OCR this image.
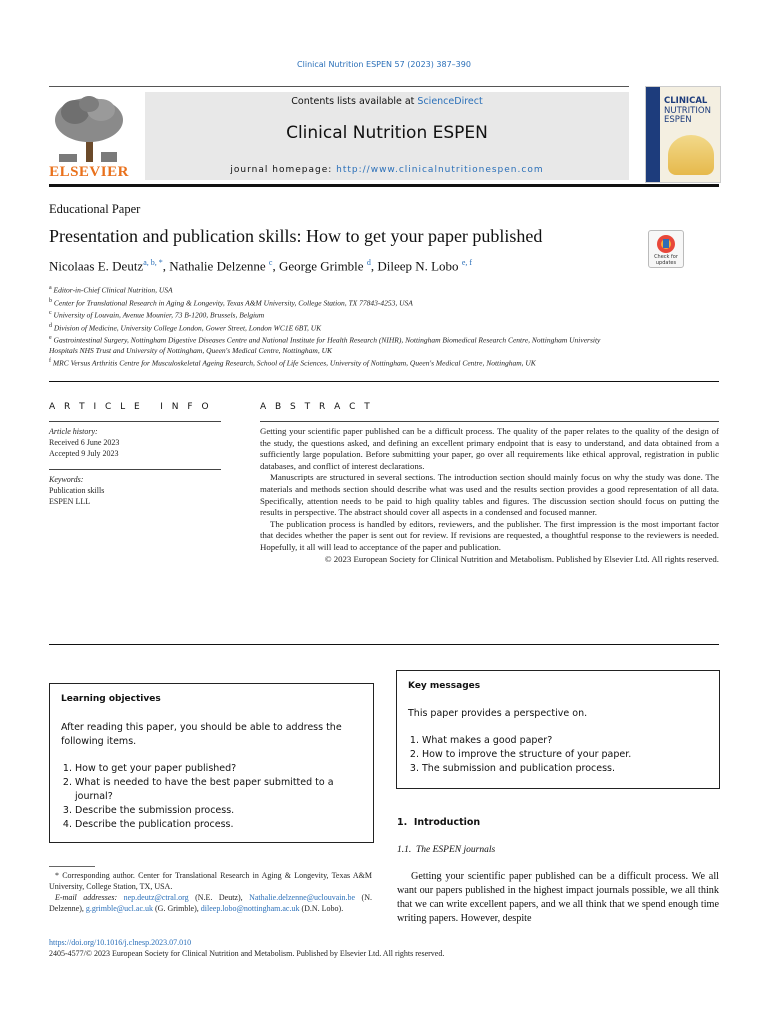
Clinical Nutrition ESPEN 57 (2023) 387–390
ELSEVIER
Contents lists available at ScienceDirect
Clinical Nutrition ESPEN
journal homepage: http://www.clinicalnutritionespen.com
CLINICAL
NUTRITION
ESPEN
Educational Paper
Presentation and publication skills: How to get your paper published
Check for updates
Nicolaas E. Deutz$^{a, b, *}$, Nathalie Delzenne $^c$, George Grimble $^d$, Dileep N. Lobo $^{e, f}$
$^a$ Editor-in-Chief Clinical Nutrition, USA
$^b$ Center for Translational Research in Aging & Longevity, Texas A&M University, College Station, TX 77843-4253, USA
$^c$ University of Louvain, Avenue Mounier, 73 B-1200, Brussels, Belgium
$^d$ Division of Medicine, University College London, Gower Street, London WC1E 6BT, UK
$^e$ Gastrointestinal Surgery, Nottingham Digestive Diseases Centre and National Institute for Health Research (NIHR), Nottingham Biomedical Research Centre, Nottingham University Hospitals NHS Trust and University of Nottingham, Queen's Medical Centre, Nottingham, UK
$^f$ MRC Versus Arthritis Centre for Musculoskeletal Ageing Research, School of Life Sciences, University of Nottingham, Queen's Medical Centre, Nottingham, UK
A R T I C L E   I N F O
Article history:
Received 6 June 2023
Accepted 9 July 2023
Keywords:
Publication skills
ESPEN LLL
A B S T R A C T

Getting your scientific paper published can be a difficult process. The quality of the paper relates to the quality of the design of the study, the questions asked, and defining an excellent primary endpoint that is easy to understand, and data obtained from a sufficiently large population. Before submitting your paper, go over all requirements like ethical approval, registration in public databases, and conflict of interest declarations.

Manuscripts are structured in several sections. The introduction section should mainly focus on why the study was done. The materials and methods section should describe what was used and the results section provides a good representation of all data. Specifically, attention needs to be paid to high quality tables and figures. The discussion section should focus on putting the results in perspective. The abstract should cover all aspects in a condensed and focused manner.

The publication process is handled by editors, reviewers, and the publisher. The first impression is the most important factor that decides whether the paper is sent out for review. If revisions are requested, a thoughtful response to the reviewers is needed. Hopefully, it all will lead to acceptance of the paper and publication.

© 2023 European Society for Clinical Nutrition and Metabolism. Published by Elsevier Ltd. All rights reserved.

Learning objectives
After reading this paper, you should be able to address the following items.
1. How to get your paper published?
2. What is needed to have the best paper submitted to a journal?
3. Describe the submission process.
4. Describe the publication process.
Key messages
This paper provides a perspective on.
1. What makes a good paper?
2. How to improve the structure of your paper.
3. The submission and publication process.
1.  Introduction
1.1.  The ESPEN journals
Getting your scientific paper published can be a difficult process. We all want our papers published in the highest impact journals possible, we all think that we can write excellent papers, and we all think that we spend enough time writing papers. However, despite
* Corresponding author. Center for Translational Research in Aging & Longevity, Texas A&M University, College Station, TX, USA.
E-mail addresses: nep.deutz@ctral.org (N.E. Deutz), Nathalie.delzenne@uclouvain.be (N. Delzenne), g.grimble@ucl.ac.uk (G. Grimble), dileep.lobo@nottingham.ac.uk (D.N. Lobo).
https://doi.org/10.1016/j.clnesp.2023.07.010
2405-4577/© 2023 European Society for Clinical Nutrition and Metabolism. Published by Elsevier Ltd. All rights reserved.
